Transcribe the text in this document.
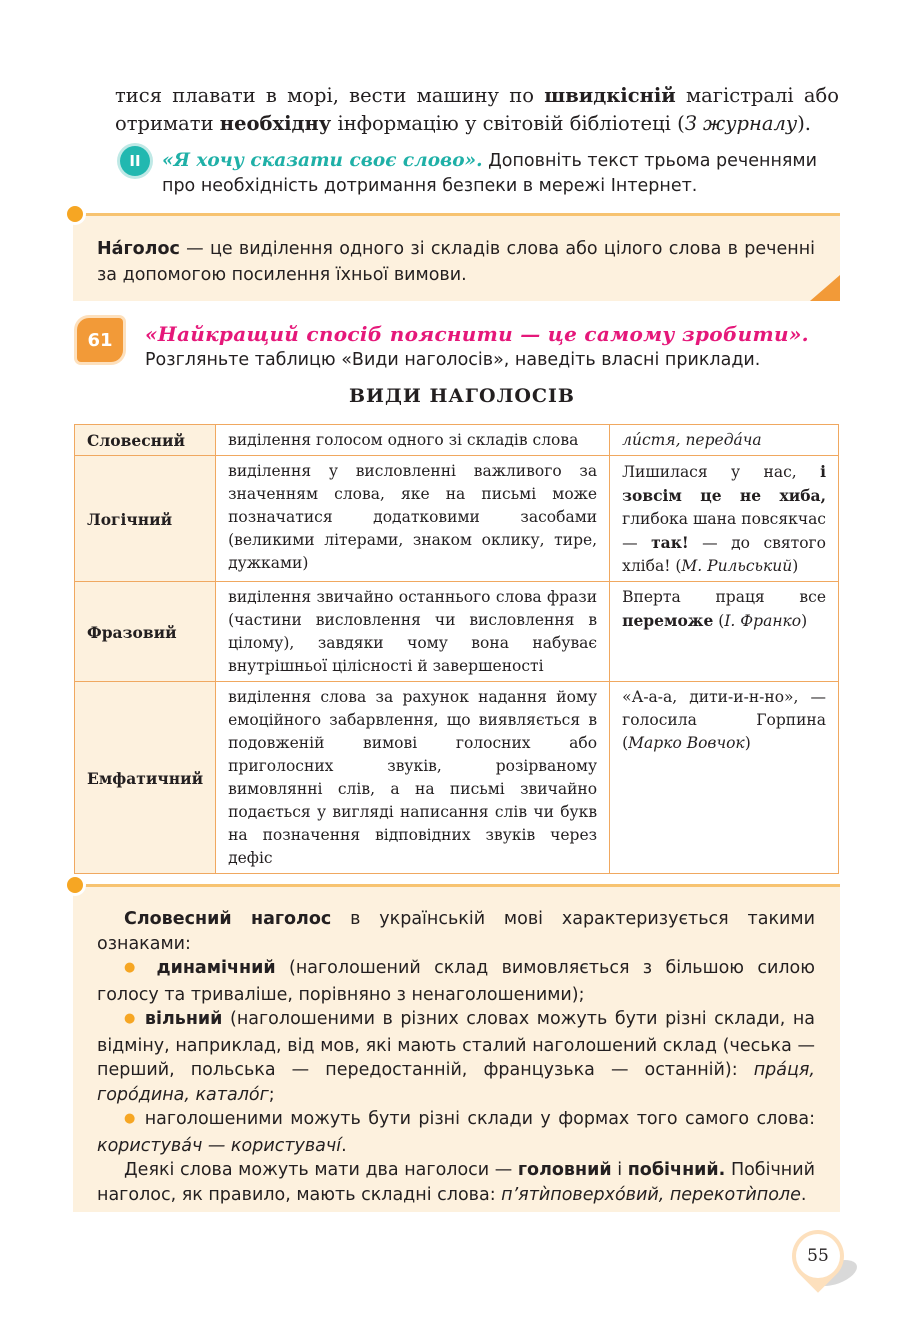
тися плавати в морі, вести машину по швидкісній магістралі або отримати необхідну інформацію у світовій бібліотеці (З журналу).
II	«Я хочу сказати своє слово». Доповніть текст трьома реченнями про необхідність дотримання безпеки в мережі Інтернет.
На́голос — це виділення одного зі складів слова або цілого слова в реченні за допомогою посилення їхньої вимови.
61	«Найкращий спосіб пояснити — це самому зробити».
Розгляньте таблицю «Види наголосів», наведіть власні приклади.
ВИДИ НАГОЛОСІВ
Словесний	виділення голосом одного зі складів слова	ли́стя, переда́ча
Логічний	виділення у висловленні важливого за значенням слова, яке на письмі може позначатися додатковими засобами (великими літерами, знаком оклику, тире, дужками)	Лишилася у нас, і зовсім це не хиба, глибока шана повсякчас — так! — до святого хліба! (М. Рильський)
Фразовий	виділення звичайно останнього слова фрази (частини висловлення чи висловлення в цілому), завдяки чому вона набуває внутрішньої цілісності й завершеності	Вперта праця все переможе (І. Франко)
Емфатичний	виділення слова за рахунок надання йому емоційного забарвлення, що виявляється в подовженій вимові голосних або приголосних звуків, розірваному вимовлянні слів, а на письмі звичайно подається у вигляді написання слів чи букв на позначення відповідних звуків через дефіс	«А-а-а, дити-и-н-но», — голосила Горпина (Марко Вовчок)

Словесний наголос в українській мові характеризується такими ознаками:

● динамічний (наголошений склад вимовляється з більшою силою голосу та триваліше, порівняно з ненаголошеними);

● вільний (наголошеними в різних словах можуть бути різні склади, на відміну, наприклад, від мов, які мають сталий наголошений склад (чеська — перший, польська — передостанній, французька — останній): пра́ця, горо́дина, катало́г;

● наголошеними можуть бути різні склади у формах того самого слова: користува́ч — користувачі́.

Деякі слова можуть мати два наголоси — головний і побічний. Побічний наголос, як правило, мають складні слова: п’ятѝповерхо́вий, перекотѝполе.

55
